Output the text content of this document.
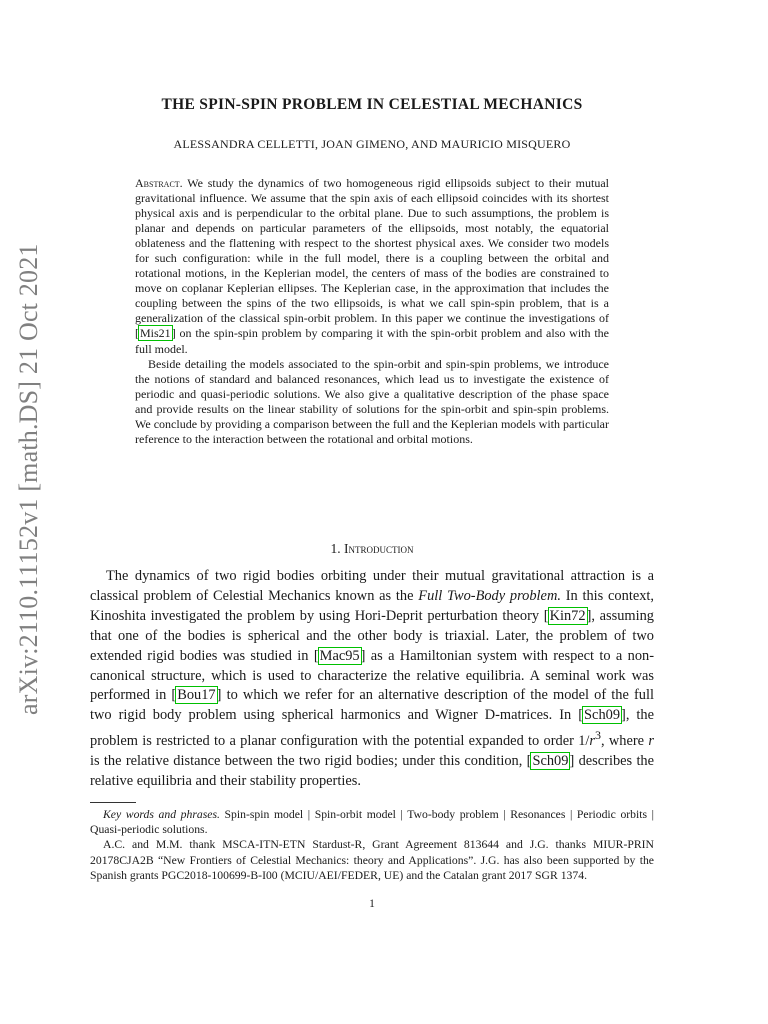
arXiv:2110.11152v1 [math.DS] 21 Oct 2021
THE SPIN-SPIN PROBLEM IN CELESTIAL MECHANICS
ALESSANDRA CELLETTI, JOAN GIMENO, AND MAURICIO MISQUERO

Abstract. We study the dynamics of two homogeneous rigid ellipsoids subject to their mutual gravitational influence. We assume that the spin axis of each ellipsoid coincides with its shortest physical axis and is perpendicular to the orbital plane. Due to such assumptions, the problem is planar and depends on particular parameters of the ellipsoids, most notably, the equatorial oblateness and the flattening with respect to the shortest physical axes. We consider two models for such configuration: while in the full model, there is a coupling between the orbital and rotational motions, in the Keplerian model, the centers of mass of the bodies are constrained to move on coplanar Keplerian ellipses. The Keplerian case, in the approximation that includes the coupling between the spins of the two ellipsoids, is what we call spin-spin problem, that is a generalization of the classical spin-orbit problem. In this paper we continue the investigations of [Mis21] on the spin-spin problem by comparing it with the spin-orbit problem and also with the full model.

Beside detailing the models associated to the spin-orbit and spin-spin problems, we introduce the notions of standard and balanced resonances, which lead us to investigate the existence of periodic and quasi-periodic solutions. We also give a qualitative description of the phase space and provide results on the linear stability of solutions for the spin-orbit and spin-spin problems. We conclude by providing a comparison between the full and the Keplerian models with particular reference to the interaction between the rotational and orbital motions.

1. Introduction

The dynamics of two rigid bodies orbiting under their mutual gravitational attraction is a classical problem of Celestial Mechanics known as the Full Two-Body problem. In this context, Kinoshita investigated the problem by using Hori-Deprit perturbation theory [Kin72], assuming that one of the bodies is spherical and the other body is triaxial. Later, the problem of two extended rigid bodies was studied in [Mac95] as a Hamiltonian system with respect to a non-canonical structure, which is used to characterize the relative equilibria. A seminal work was performed in [Bou17] to which we refer for an alternative description of the model of the full two rigid body problem using spherical harmonics and Wigner D-matrices. In [Sch09], the problem is restricted to a planar configuration with the potential expanded to order $1/r^3$, where r is the relative distance between the two rigid bodies; under this condition, [Sch09] describes the relative equilibria and their stability properties.

Key words and phrases. Spin-spin model | Spin-orbit model | Two-body problem | Resonances | Periodic orbits | Quasi-periodic solutions.

A.C. and M.M. thank MSCA-ITN-ETN Stardust-R, Grant Agreement 813644 and J.G. thanks MIUR-PRIN 20178CJA2B “New Frontiers of Celestial Mechanics: theory and Applications”. J.G. has also been supported by the Spanish grants PGC2018-100699-B-I00 (MCIU/AEI/FEDER, UE) and the Catalan grant 2017 SGR 1374.

1
